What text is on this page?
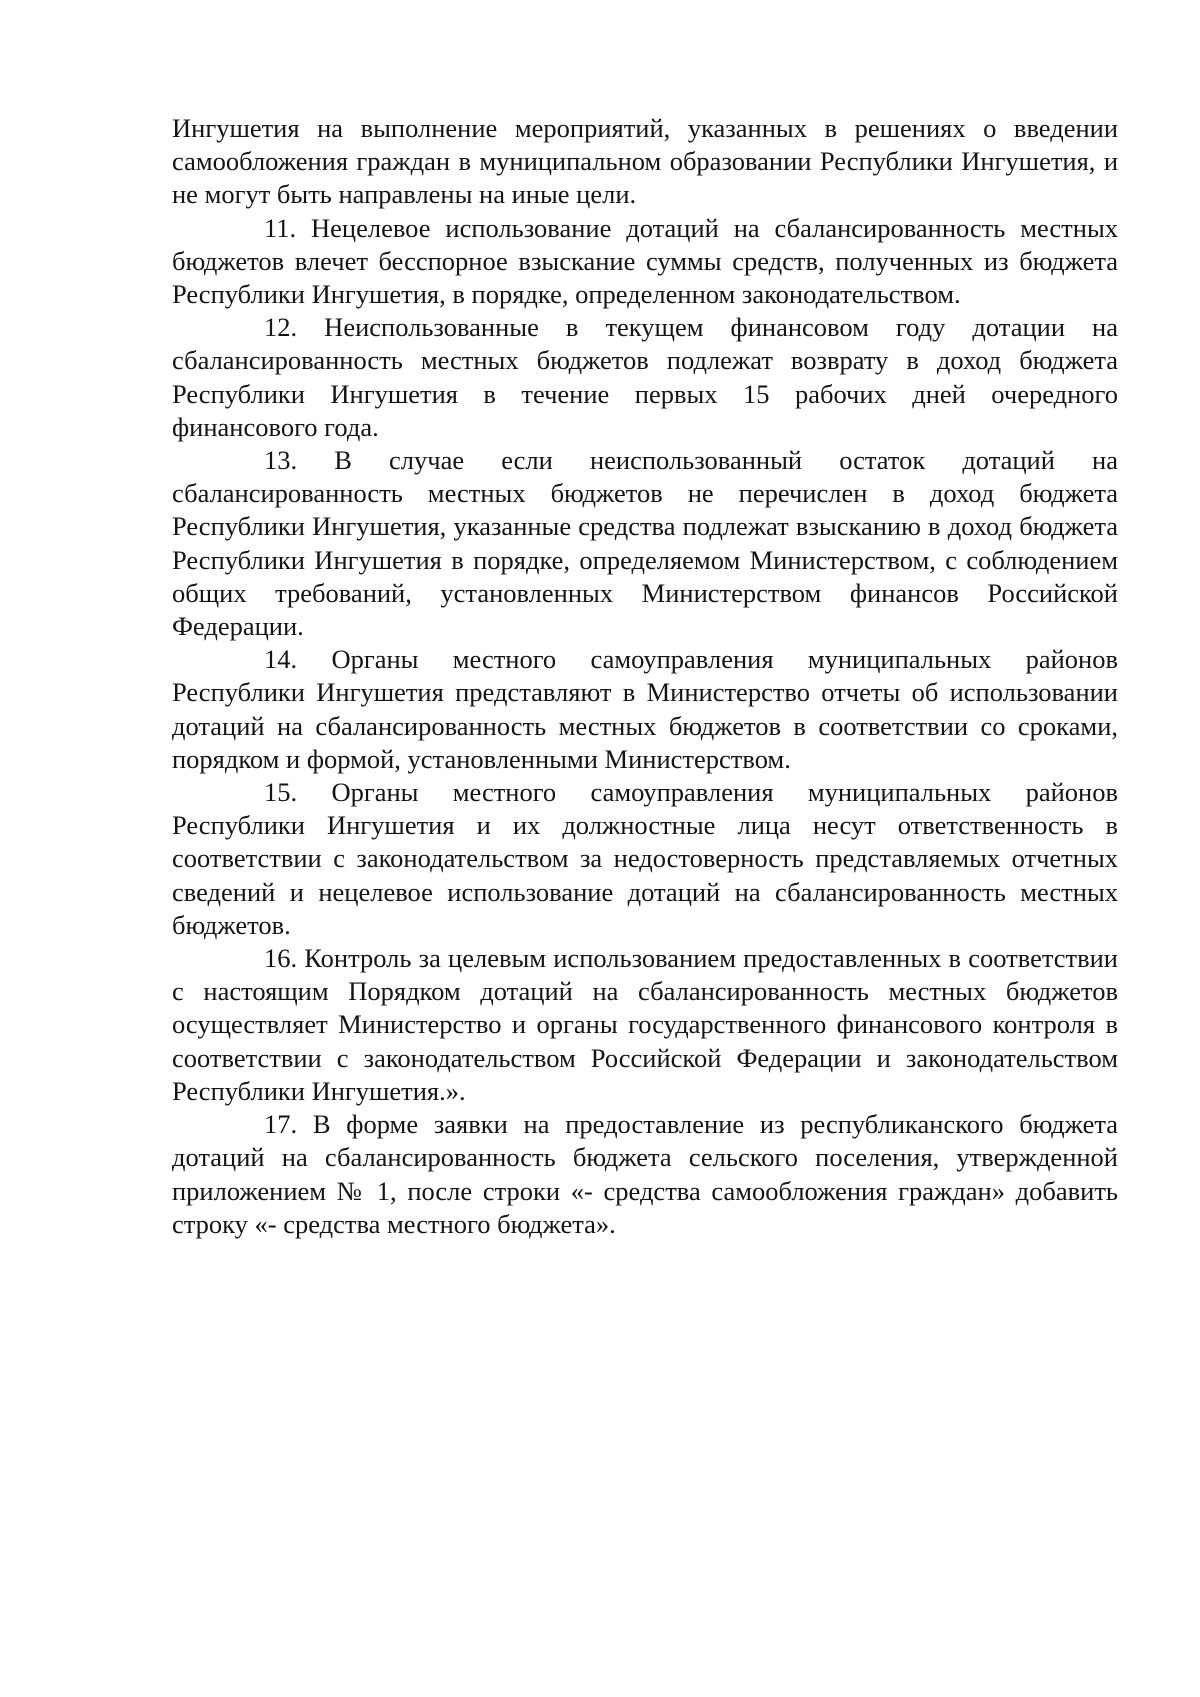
Ингушетия на выполнение мероприятий, указанных в решениях о введении самообложения граждан в муниципальном образовании Республики Ингушетия, и не могут быть направлены на иные цели.

11. Нецелевое использование дотаций на сбалансированность местных бюджетов влечет бесспорное взыскание суммы средств, полученных из бюджета Республики Ингушетия, в порядке, определенном законодательством.

12. Неиспользованные в текущем финансовом году дотации на сбалансированность местных бюджетов подлежат возврату в доход бюджета Республики Ингушетия в течение первых 15 рабочих дней очередного финансового года.

13. В случае если неиспользованный остаток дотаций на сбалансированность местных бюджетов не перечислен в доход бюджета Республики Ингушетия, указанные средства подлежат взысканию в доход бюджета Республики Ингушетия в порядке, определяемом Министерством, с соблюдением общих требований, установленных Министерством финансов Российской Федерации.

14. Органы местного самоуправления муниципальных районов Республики Ингушетия представляют в Министерство отчеты об использовании дотаций на сбалансированность местных бюджетов в соответствии со сроками, порядком и формой, установленными Министерством.

15. Органы местного самоуправления муниципальных районов Республики Ингушетия и их должностные лица несут ответственность в соответствии с законодательством за недостоверность представляемых отчетных сведений и нецелевое использование дотаций на сбалансированность местных бюджетов.

16. Контроль за целевым использованием предоставленных в соответствии с настоящим Порядком дотаций на сбалансированность местных бюджетов осуществляет Министерство и органы государственного финансового контроля в соответствии с законодательством Российской Федерации и законодательством Республики Ингушетия.».

17. В форме заявки на предоставление из республиканского бюджета дотаций на сбалансированность бюджета сельского поселения, утвержденной приложением № 1, после строки «- средства самообложения граждан» добавить строку «- средства местного бюджета».
